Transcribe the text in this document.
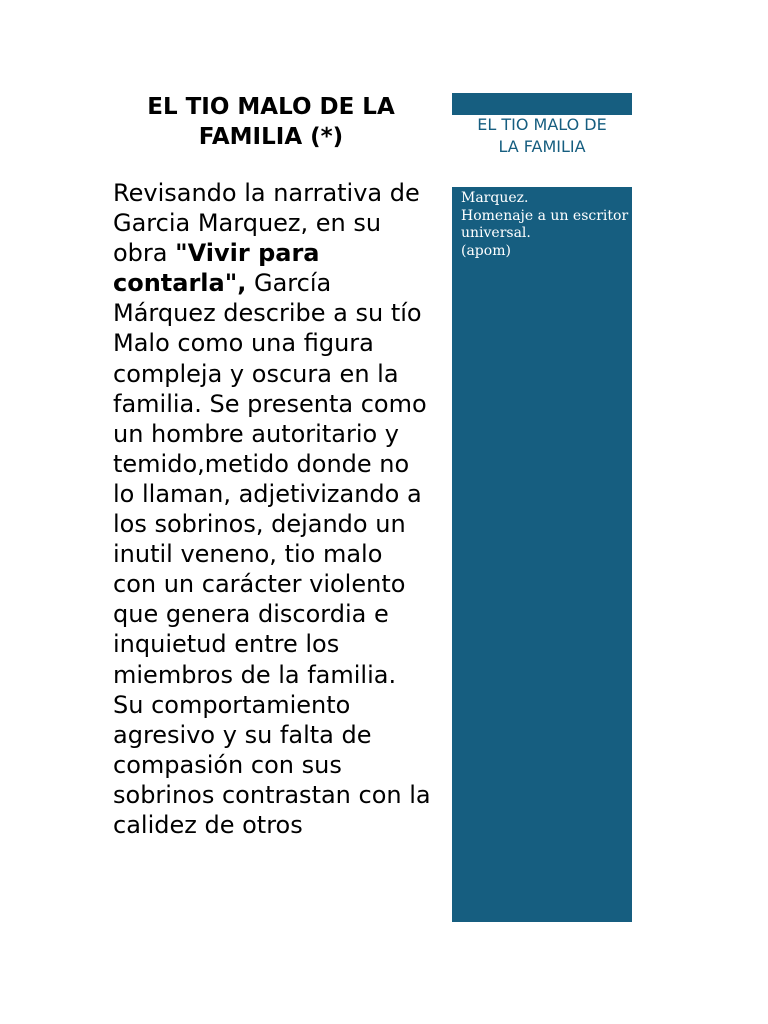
EL TIO MALO DE LA
FAMILIA (*)
Revisando la narrativa de Garcia Marquez, en su obra "Vivir para contarla", García Márquez describe a su tío Malo como una figura compleja y oscura en la familia. Se presenta como un hombre autoritario y temido,metido donde no lo llaman, adjetivizando a los sobrinos, dejando un inutil veneno, tio malo con un carácter violento que genera discordia e inquietud entre los miembros de la familia.
Su comportamiento agresivo y su falta de compasión con sus sobrinos contrastan con la calidez de otros
EL TIO MALO DE
LA FAMILIA
Marquez.
Homenaje a un escritor universal.
(apom)
